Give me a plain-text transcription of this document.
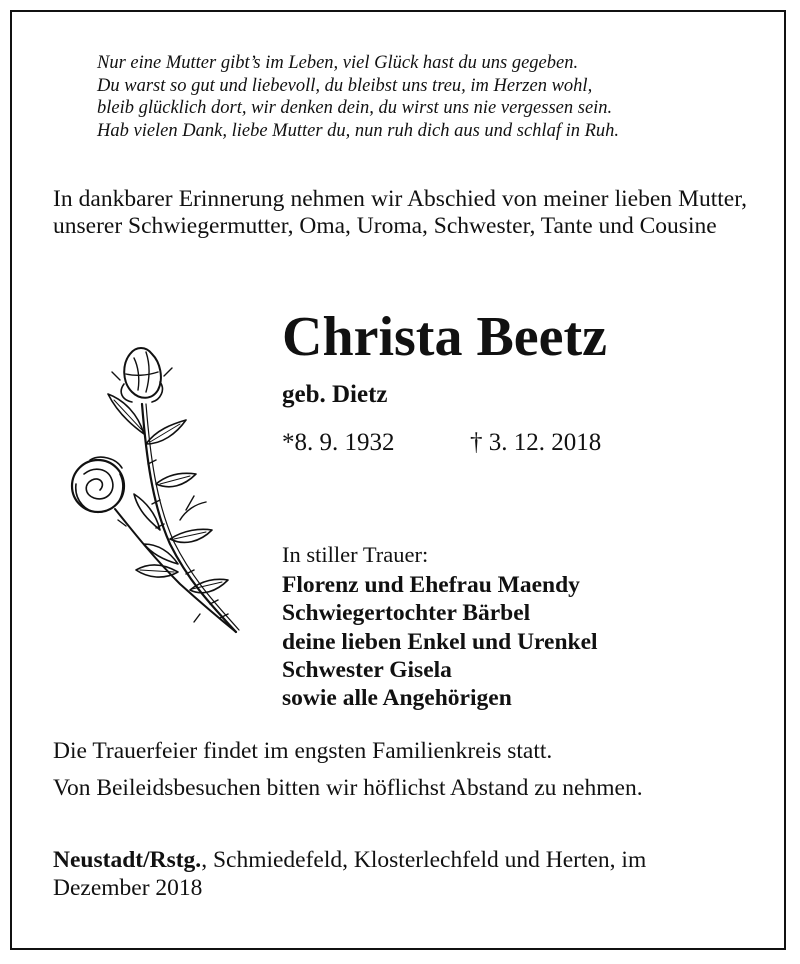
Nur eine Mutter gibt’s im Leben, viel Glück hast du uns gegeben.
Du warst so gut und liebevoll, du bleibst uns treu, im Herzen wohl,
bleib glücklich dort, wir denken dein, du wirst uns nie vergessen sein.
Hab vielen Dank, liebe Mutter du, nun ruh dich aus und schlaf in Ruh.
In dankbarer Erinnerung nehmen wir Abschied von meiner lieben Mutter, unserer Schwiegermutter, Oma, Uroma, Schwester, Tante und Cousine
Christa Beetz
geb. Dietz
*8. 9. 1932	† 3. 12. 2018
In stiller Trauer:
Florenz und Ehefrau Maendy
Schwiegertochter Bärbel
deine lieben Enkel und Urenkel
Schwester Gisela
sowie alle Angehörigen
Die Trauerfeier findet im engsten Familienkreis statt.
Von Beileidsbesuchen bitten wir höflichst Abstand zu nehmen.
Neustadt/Rstg., Schmiedefeld, Klosterlechfeld und Herten, im Dezember 2018
